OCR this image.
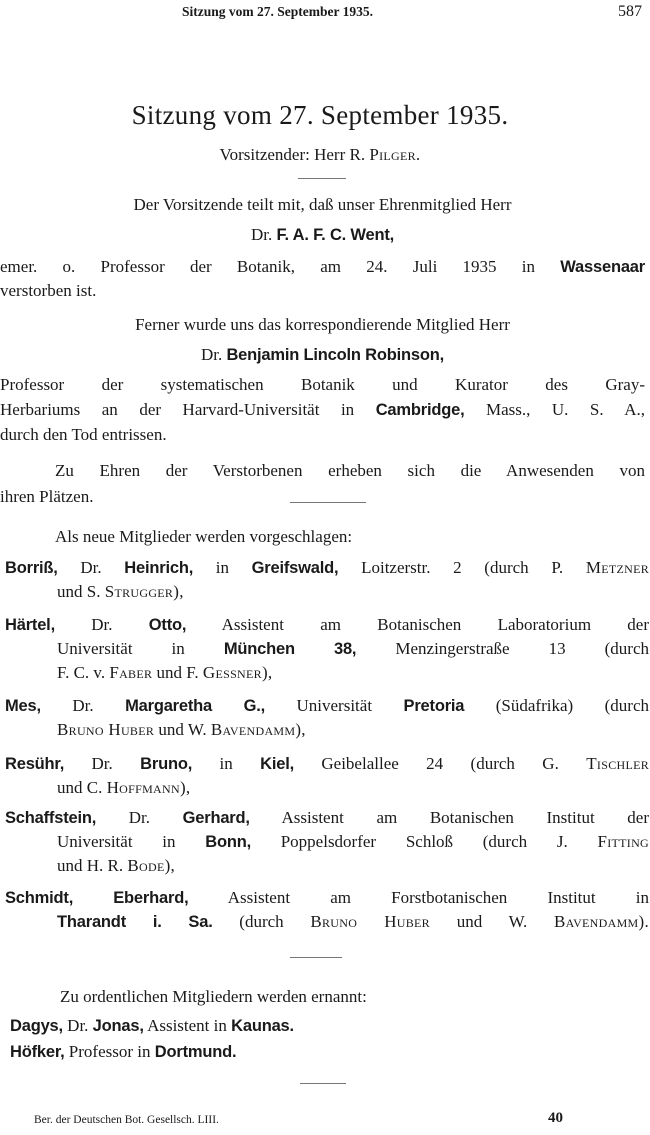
Sitzung vom 27. September 1935.	587
Sitzung vom 27. September 1935.
Vorsitzender: Herr R. Pilger.
Der Vorsitzende teilt mit, daß unser Ehrenmitglied Herr
Dr. F. A. F. C. Went,
emer. o. Professor der Botanik, am 24. Juli 1935 in Wassenaar
verstorben ist.
Ferner wurde uns das korrespondierende Mitglied Herr
Dr. Benjamin Lincoln Robinson,
Professor der systematischen Botanik und Kurator des Gray-
Herbariums an der Harvard-Universität in Cambridge, Mass., U. S. A.,
durch den Tod entrissen.
Zu Ehren der Verstorbenen erheben sich die Anwesenden von
ihren Plätzen.
Als neue Mitglieder werden vorgeschlagen:
Borriß, Dr. Heinrich, in Greifswald, Loitzerstr. 2 (durch P. Metzner
und S. Strugger),
Härtel, Dr. Otto, Assistent am Botanischen Laboratorium der
Universität in München 38, Menzingerstraße 13 (durch
F. C. v. Faber und F. Gessner),
Mes, Dr. Margaretha G., Universität Pretoria (Südafrika) (durch
Bruno Huber und W. Bavendamm),
Resühr, Dr. Bruno, in Kiel, Geibelallee 24 (durch G. Tischler
und C. Hoffmann),
Schaffstein, Dr. Gerhard, Assistent am Botanischen Institut der
Universität in Bonn, Poppelsdorfer Schloß (durch J. Fitting
und H. R. Bode),
Schmidt, Eberhard, Assistent am Forstbotanischen Institut in
Tharandt i. Sa. (durch Bruno Huber und W. Bavendamm).
Zu ordentlichen Mitgliedern werden ernannt:
Dagys, Dr. Jonas, Assistent in Kaunas.
Höfker, Professor in Dortmund.
Ber. der Deutschen Bot. Gesellsch. LIII.	40
